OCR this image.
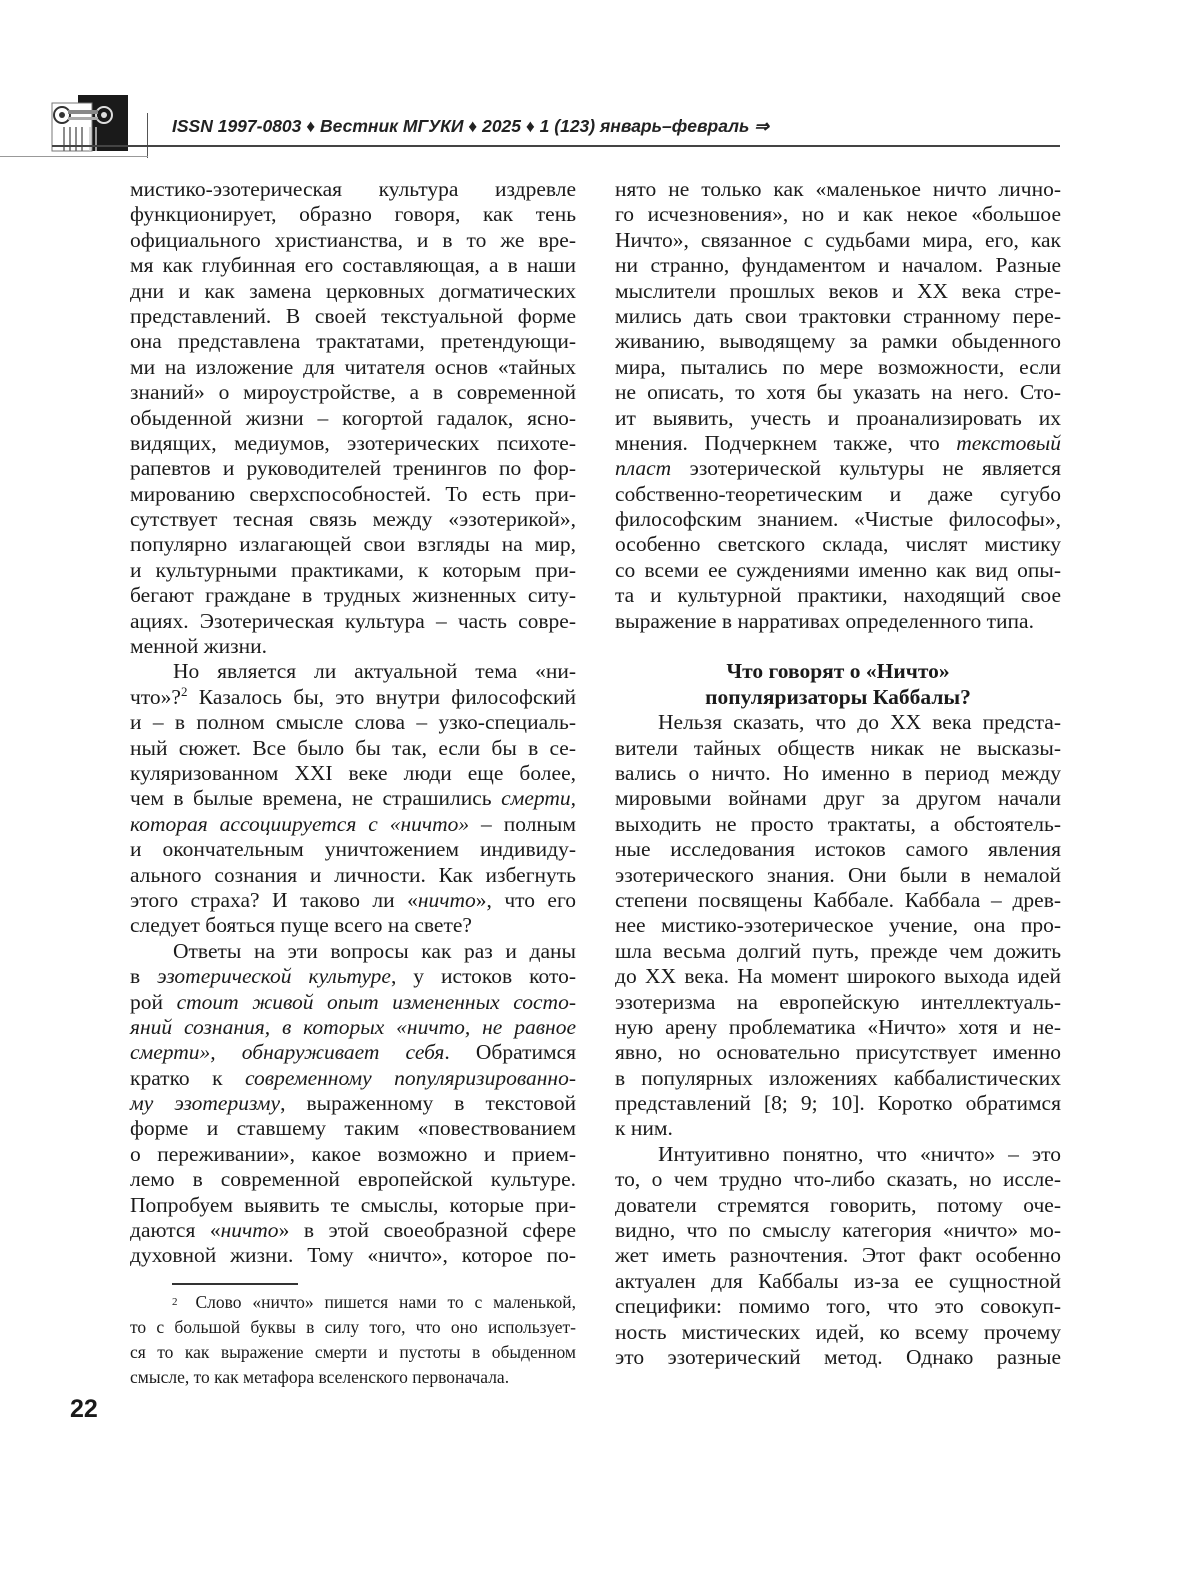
ISSN 1997-0803 ♦ Вестник МГУКИ ♦ 2025 ♦ 1 (123) январь–февраль ⇒
мистико-эзотерическая культура издревле
функционирует, образно говоря, как тень
официального христианства, и в то же вре-
мя как глубинная его составляющая, а в наши
дни и как замена церковных догматических
представлений. В своей текстуальной форме
она представлена трактатами, претендующи-
ми на изложение для читателя основ «тайных
знаний» о мироустройстве, а в современной
обыденной жизни – когортой гадалок, ясно-
видящих, медиумов, эзотерических психоте-
рапевтов и руководителей тренингов по фор-
мированию сверхспособностей. То есть при-
сутствует тесная связь между «эзотерикой»,
популярно излагающей свои взгляды на мир,
и культурными практиками, к которым при-
бегают граждане в трудных жизненных ситу-
ациях. Эзотерическая культура – часть совре-
менной жизни.
Но является ли актуальной тема «ни-
что»?$^2$ Казалось бы, это внутри философский
и – в полном смысле слова – узко-специаль-
ный сюжет. Все было бы так, если бы в се-
куляризованном XXI веке люди еще более,
чем в былые времена, не страшились смерти,
которая ассоциируется с «ничто» – полным
и окончательным уничтожением индивиду-
ального сознания и личности. Как избегнуть
этого страха? И таково ли «ничто», что его
следует бояться пуще всего на свете?
Ответы на эти вопросы как раз и даны
в эзотерической культуре, у истоков кото-
рой стоит живой опыт измененных состо-
яний сознания, в которых «ничто, не равное
смерти», обнаруживает себя. Обратимся
кратко к современному популяризированно-
му эзотеризму, выраженному в текстовой
форме и ставшему таким «повествованием
о переживании», какое возможно и прием-
лемо в современной европейской культуре.
Попробуем выявить те смыслы, которые при-
даются «ничто» в этой своеобразной сфере
духовной жизни. Тому «ничто», которое по-
нято не только как «маленькое ничто лично-
го исчезновения», но и как некое «большое
Ничто», связанное с судьбами мира, его, как
ни странно, фундаментом и началом. Разные
мыслители прошлых веков и XX века стре-
мились дать свои трактовки странному пере-
живанию, выводящему за рамки обыденного
мира, пытались по мере возможности, если
не описать, то хотя бы указать на него. Сто-
ит выявить, учесть и проанализировать их
мнения. Подчеркнем также, что текстовый
пласт эзотерической культуры не является
собственно-теоретическим и даже сугубо
философским знанием. «Чистые философы»,
особенно светского склада, числят мистику
со всеми ее суждениями именно как вид опы-
та и культурной практики, находящий свое
выражение в нарративах определенного типа.
Что говорят о «Ничто»
популяризаторы Каббалы?
Нельзя сказать, что до XX века предста-
вители тайных обществ никак не высказы-
вались о ничто. Но именно в период между
мировыми войнами друг за другом начали
выходить не просто трактаты, а обстоятель-
ные исследования истоков самого явления
эзотерического знания. Они были в немалой
степени посвящены Каббале. Каббала – древ-
нее мистико-эзотерическое учение, она про-
шла весьма долгий путь, прежде чем дожить
до XX века. На момент широкого выхода идей
эзотеризма на европейскую интеллектуаль-
ную арену проблематика «Ничто» хотя и не-
явно, но основательно присутствует именно
в популярных изложениях каббалистических
представлений [8; 9; 10]. Коротко обратимся
к ним.
Интуитивно понятно, что «ничто» – это
то, о чем трудно что-либо сказать, но иссле-
дователи стремятся говорить, потому оче-
видно, что по смыслу категория «ничто» мо-
жет иметь разночтения. Этот факт особенно
актуален для Каббалы из-за ее сущностной
специфики: помимо того, что это совокуп-
ность мистических идей, ко всему прочему
это эзотерический метод. Однако разные
$^2$ Слово «ничто» пишется нами то с маленькой,
то с большой буквы в силу того, что оно использует-
ся то как выражение смерти и пустоты в обыденном
смысле, то как метафора вселенского первоначала.
22
